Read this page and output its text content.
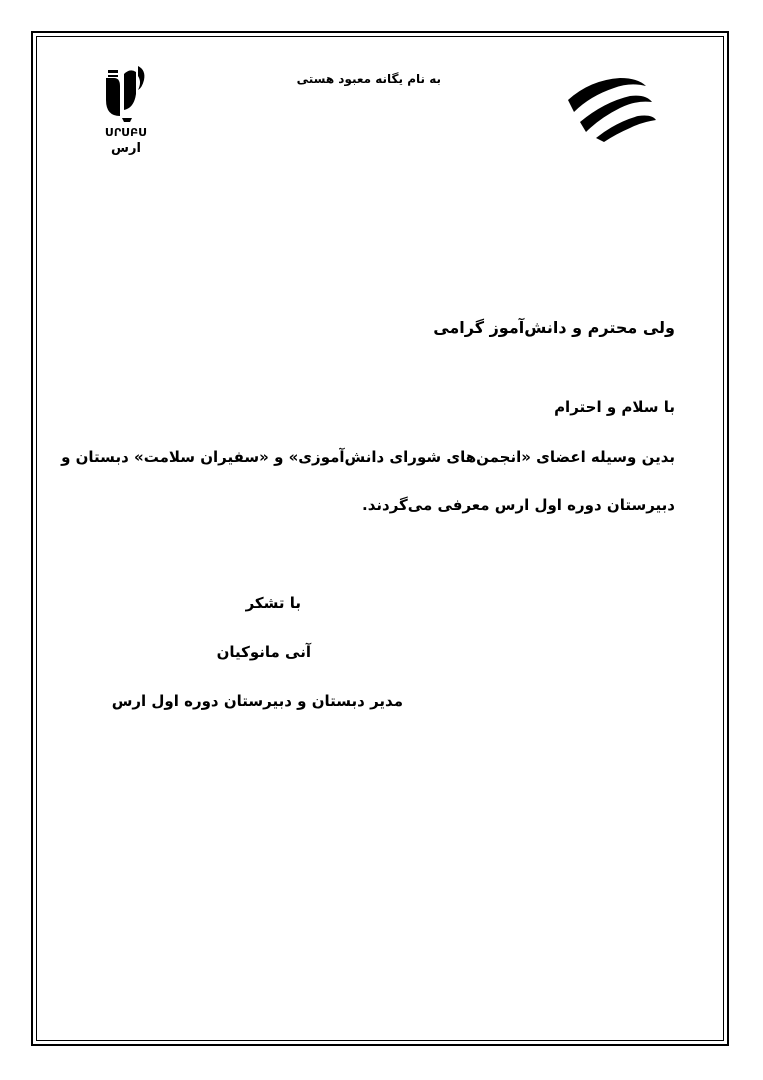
UՐUԲU
ارس
به نام یگانه معبود هستی
ولی محترم و دانش‌آموز گرامی
با سلام و احترام
بدین وسیله اعضای «انجمن‌های شورای دانش‌آموزی» و «سفیران سلامت» دبستان و
دبیرستان دوره اول ارس معرفی می‌گردند.
با تشکر
آنی مانوکیان
مدیر دبستان و دبیرستان دوره اول ارس
